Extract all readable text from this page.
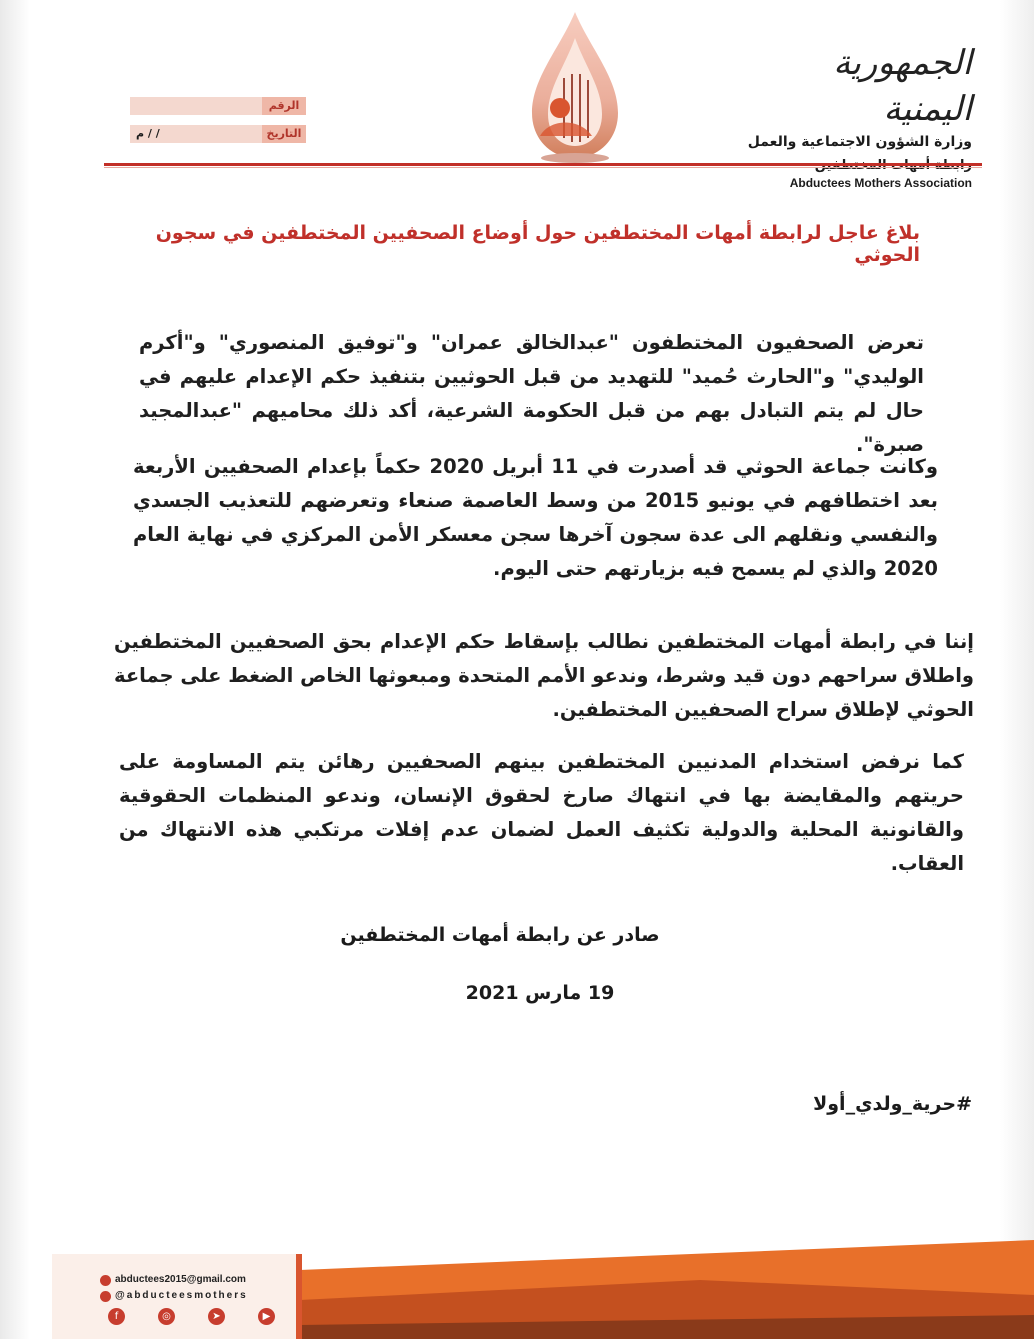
الجمهورية اليمنية
وزارة الشؤون الاجتماعية والعمل
Abductees Mothers Association
الرقم
التاريخ
/ / م
بلاغ عاجل لرابطة أمهات المختطفين حول أوضاع الصحفيين المختطفين في سجون الحوثي
تعرض الصحفيون المختطفون "عبدالخالق عمران" و"توفيق المنصوري" و"أكرم الوليدي" و"الحارث حُميد" للتهديد من قبل الحوثيين بتنفيذ حكم الإعدام عليهم في حال لم يتم التبادل بهم من قبل الحكومة الشرعية، أكد ذلك محاميهم "عبدالمجيد صبرة".
وكانت جماعة الحوثي قد أصدرت في 11 أبريل 2020 حكماً بإعدام الصحفيين الأربعة بعد اختطافهم في يونيو 2015 من وسط العاصمة صنعاء وتعرضهم للتعذيب الجسدي والنفسي ونقلهم الى عدة سجون آخرها سجن معسكر الأمن المركزي في نهاية العام 2020 والذي لم يسمح فيه بزيارتهم حتى اليوم.
إننا في رابطة أمهات المختطفين نطالب بإسقاط حكم الإعدام بحق الصحفيين المختطفين واطلاق سراحهم دون قيد وشرط، وندعو الأمم المتحدة ومبعوثها الخاص الضغط على جماعة الحوثي لإطلاق سراح الصحفيين المختطفين.
كما نرفض استخدام المدنيين المختطفين بينهم الصحفيين رهائن يتم المساومة على حريتهم والمقايضة بها في انتهاك صارخ لحقوق الإنسان، وندعو المنظمات الحقوقية والقانونية المحلية والدولية تكثيف العمل لضمان عدم إفلات مرتكبي هذه الانتهاك من العقاب.
صادر عن رابطة أمهات المختطفين
19 مارس 2021
#حرية_ولدي_أولا
abductees2015@gmail.com
@abducteesmothers
f	◎	➤	▶
